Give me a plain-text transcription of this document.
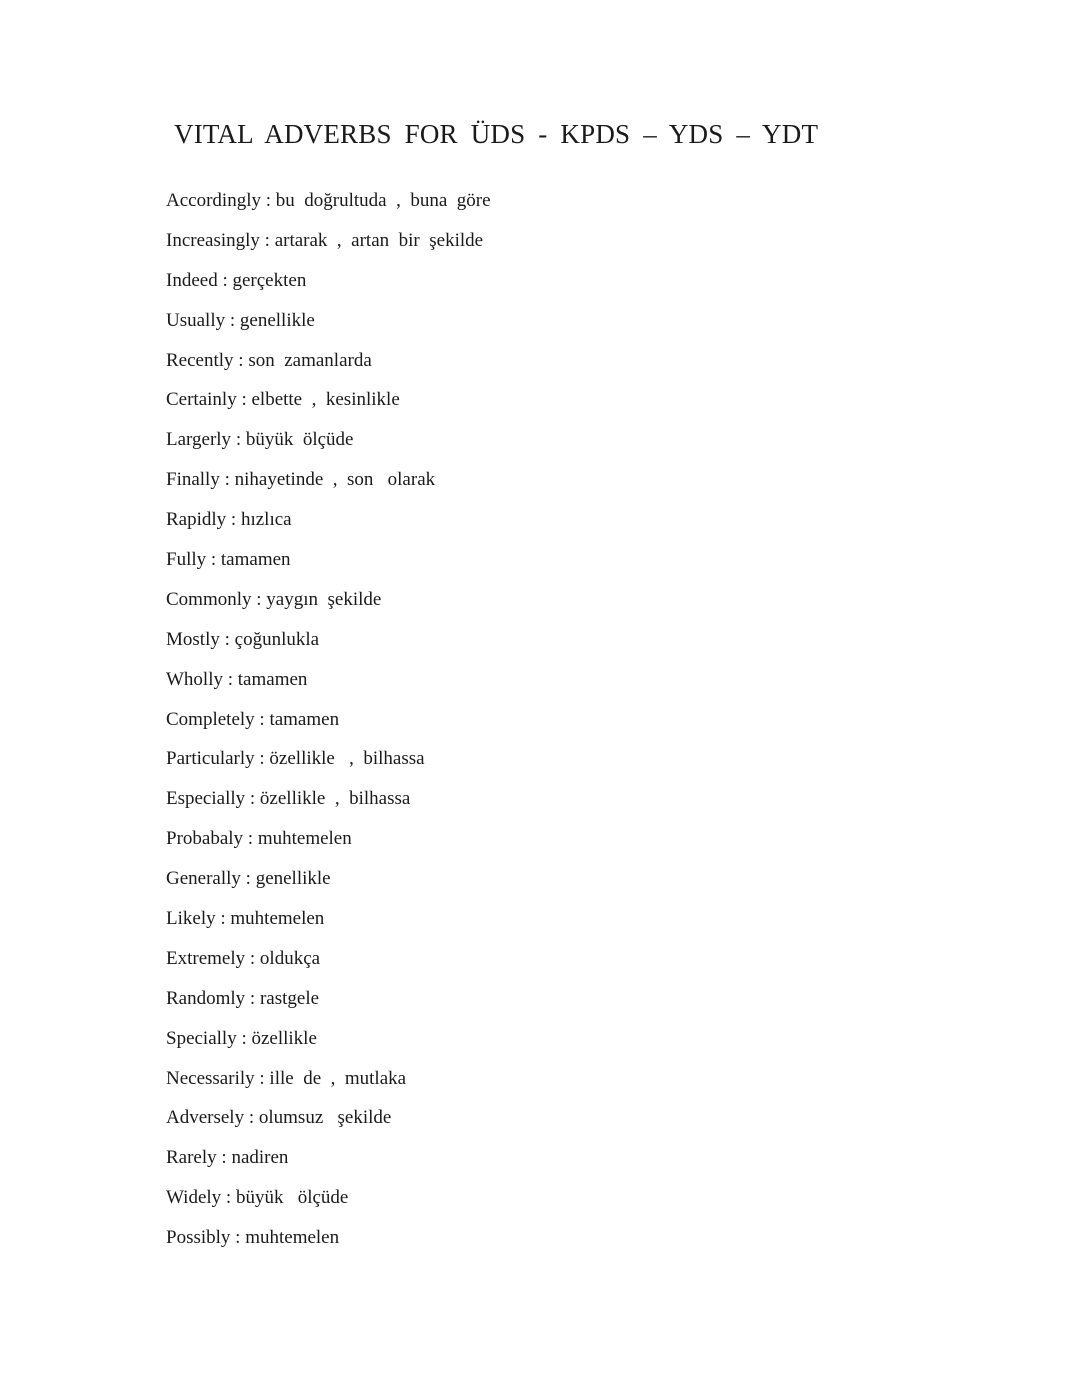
VITAL ADVERBS FOR ÜDS - KPDS – YDS – YDT
Accordingly : bu  doğrultuda  ,  buna  göre
Increasingly : artarak  ,  artan  bir  şekilde
Indeed : gerçekten
Usually : genellikle
Recently : son  zamanlarda
Certainly : elbette  ,  kesinlikle
Largerly : büyük  ölçüde
Finally : nihayetinde  ,  son   olarak
Rapidly : hızlıca
Fully : tamamen
Commonly : yaygın  şekilde
Mostly : çoğunlukla
Wholly : tamamen
Completely : tamamen
Particularly : özellikle   ,  bilhassa
Especially : özellikle  ,  bilhassa
Probabaly : muhtemelen
Generally : genellikle
Likely : muhtemelen
Extremely : oldukça
Randomly : rastgele
Specially : özellikle
Necessarily : ille  de  ,  mutlaka
Adversely : olumsuz   şekilde
Rarely : nadiren
Widely : büyük   ölçüde
Possibly : muhtemelen
